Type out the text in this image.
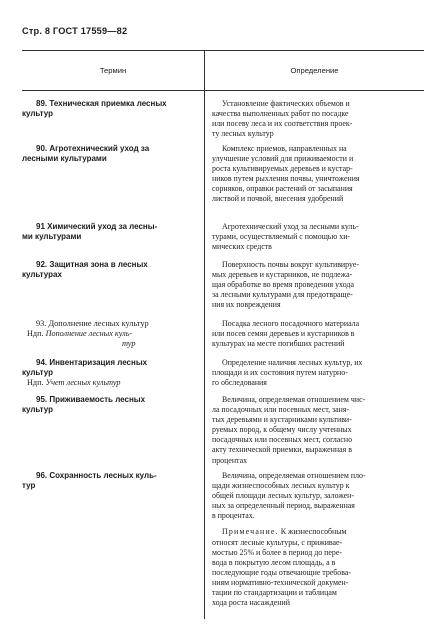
Стр. 8 ГОСТ 17559—82
Термин	Определение
89. Техническая приемка лесных
культур
Установление фактических объемов и
качества выполненных работ по посадке
или посеву леса и их соответствия проек-
ту лесных культур
90. Агротехнический уход за
лесными культурами
Комплекс приемов, направленных на
улучшение условий для приживаемости и
роста культивируемых деревьев и кустар-
ников путем рыхления почвы, уничтожения
сорняков, оправки растений от засыпания
листвой и почвой, внесения удобрений
91 Химический уход за лесны-
ми культурами
Агротехнический уход за лесными куль-
турами, осуществляемый с помощью хи-
мических средств
92. Защитная зона в лесных
культурах
Поверхность почвы вокруг культивируе-
мых деревьев и кустарников, не подлежа-
щая обработке во время проведения ухода
за лесными культурами для предотвраще-
ния их повреждения
93. Дополнение лесных культур
Ндп. Пополнение лесных куль-
тур
Посадка лесного посадочного материала
или посев семян деревьев и кустарников в
культурах на месте погибших растений
94. Инвентаризация лесных
культур
Ндп. Учет лесных культур
Определение наличия лесных культур, их
площади и их состояния путем натурно-
го обследования
95. Приживаемость лесных
культур
Величина, определяемая отношением чис-
ла посадочных или посевных мест, заня-
тых деревьями и кустарниками культиви-
руемых пород, к общему числу учтенных
посадочных или посевных мест, согласно
акту технической приемки, выраженная в
процентах
96. Сохранность лесных куль-
тур
Величина, определяемая отношением пло-
щади жизнеспособных лесных культур к
общей площади лесных культур, заложен-
ных за определенный период, выраженная
в процентах.
Примечание. К жизнеспособным
относят лесные культуры, с приживае-
мостью 25% и более в период до пере-
вода в покрытую лесом площадь, а в
последующие годы отвечающие требова-
ниям нормативно-технической докумен-
тации по стандартизации и таблицам
хода роста насаждений
